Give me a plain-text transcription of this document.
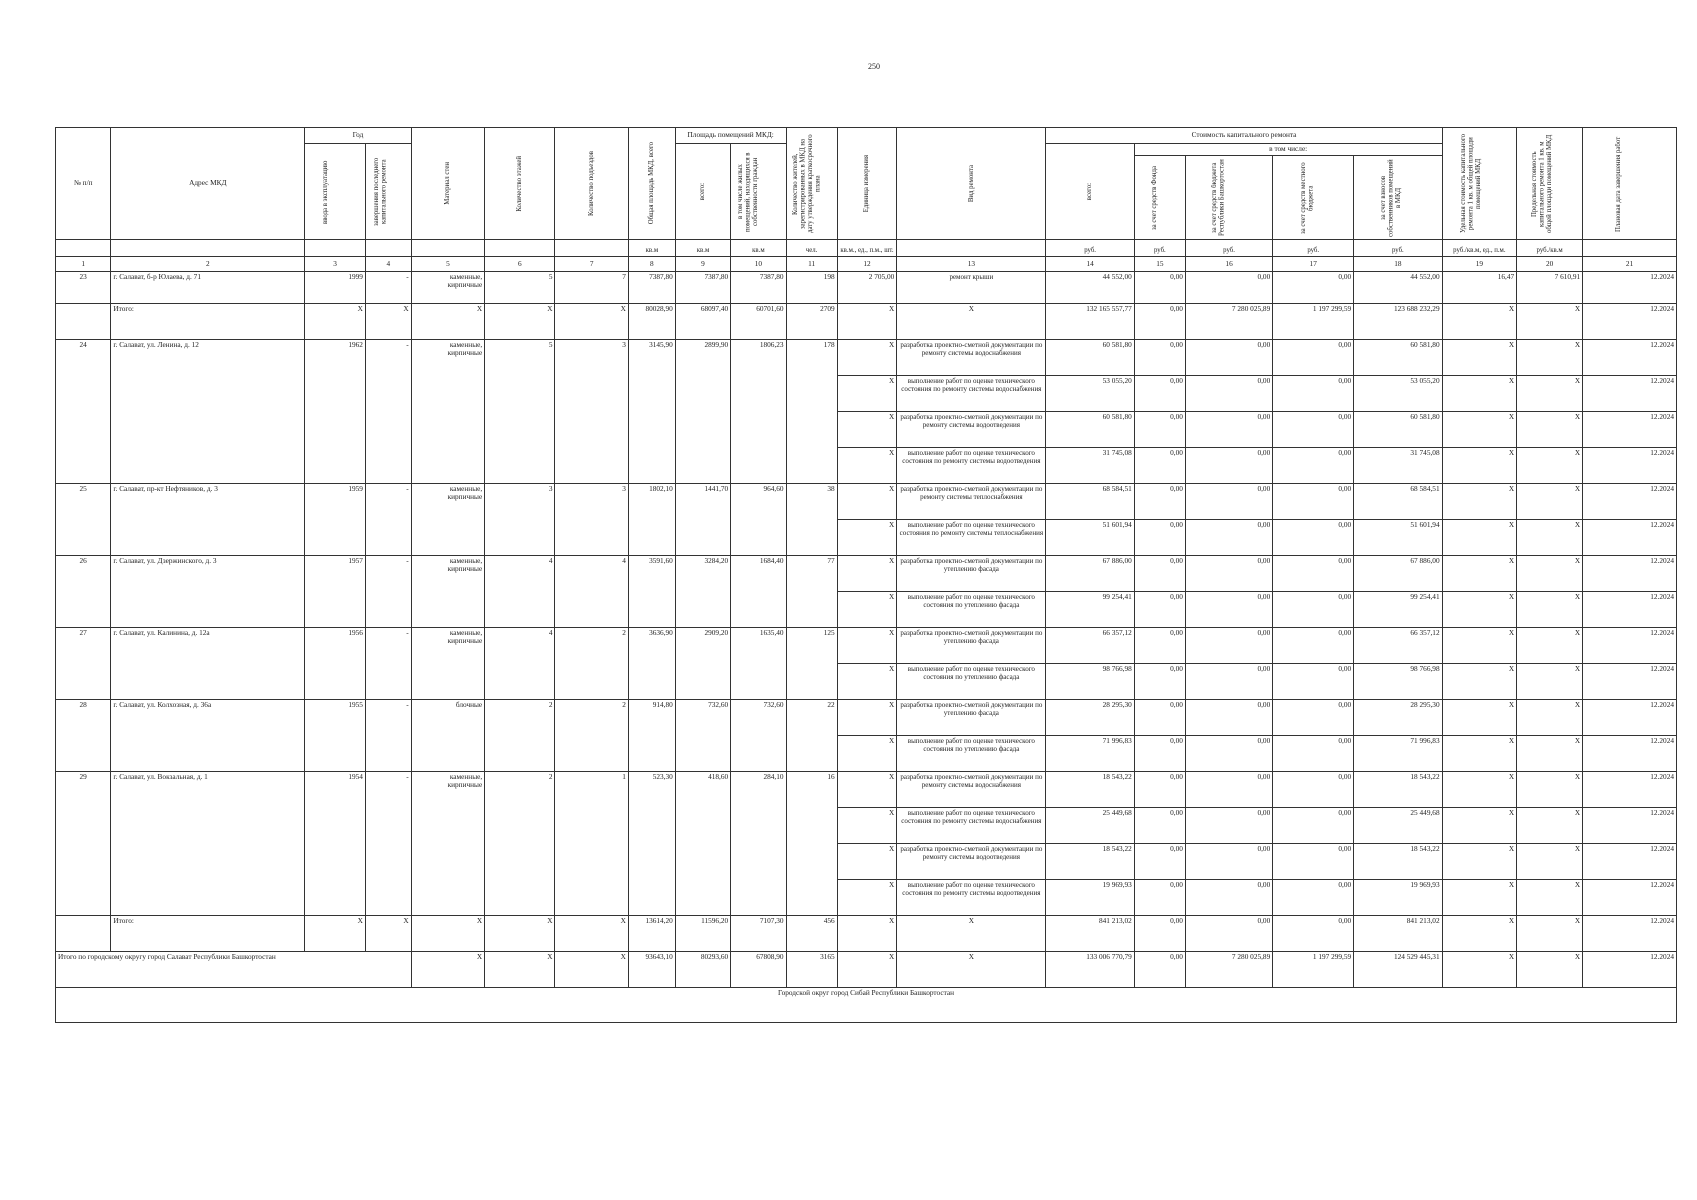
250
№ п/п	Адрес МКД	Год		Материал стен	Количество этажей	Количество подъездов	Общая площадь МКД, всего	Площадь помещений МКД:		Количество жителей, зарегистрированных в МКД на дату утверждения краткосрочного плана	Единица измерения	Вид ремонта	Стоимость капитального ремонта					Удельная стоимость капитального ремонта 1 кв. м общей площади помещений МКД	Предельная стоимость капитального ремонта 1 кв. м общей площади помещений МКД	Плановая дата завершения работ

		ввода в эксплуатацию	завершения последнего капитального ремонта					всего:	в том числе жилых помещений, находящихся в собственности граждан				всего:	в том числе:						

														за счет средств Фонда	за счет средств бюджета Республики Башкортостан	за счет средств местного бюджета	за счет взносов собственников помещений в МКД			

							кв.м	кв.м	кв.м	чел.	кв.м., ед., п.м., шт.		руб.	руб.	руб.	руб.	руб.	руб./кв.м, ед., п.м.	руб./кв.м	
1	2	3	4	5	6	7	8	9	10	11	12	13	14	15	16	17	18	19	20	21
23	г. Салават, б-р Юлаева, д. 71	1999	-	каменные, кирпичные	5	7	7387,80	7387,80	7387,80	198	2 705,00	ремонт крыши	44 552,00	0,00	0,00	0,00	44 552,00	16,47	7 610,91	12.2024
	Итого:	X	X	X	X	X	80028,90	68097,40	60701,60	2709	X	X	132 165 557,77	0,00	7 280 025,89	1 197 299,59	123 688 232,29	X	X	12.2024
24	г. Салават, ул. Ленина, д. 12	1962	-	каменные, кирпичные	5	3	3145,90	2899,90	1806,23	178	X	разработка проектно-сметной документации по ремонту системы водоснабжения	60 581,80	0,00	0,00	0,00	60 581,80	X	X	12.2024
											X	выполнение работ по оценке технического состояния по ремонту системы водоснабжения	53 055,20	0,00	0,00	0,00	53 055,20	X	X	12.2024
											X	разработка проектно-сметной документации по ремонту системы водоотведения	60 581,80	0,00	0,00	0,00	60 581,80	X	X	12.2024
											X	выполнение работ по оценке технического состояния по ремонту системы водоотведения	31 745,08	0,00	0,00	0,00	31 745,08	X	X	12.2024
25	г. Салават, пр-кт Нефтяников, д. 3	1959	-	каменные, кирпичные	3	3	1802,10	1441,70	964,60	38	X	разработка проектно-сметной документации по ремонту системы теплоснабжения	68 584,51	0,00	0,00	0,00	68 584,51	X	X	12.2024
											X	выполнение работ по оценке технического состояния по ремонту системы теплоснабжения	51 601,94	0,00	0,00	0,00	51 601,94	X	X	12.2024
26	г. Салават, ул. Дзержинского, д. 3	1957	-	каменные, кирпичные	4	4	3591,60	3284,20	1684,40	77	X	разработка проектно-сметной документации по утеплению фасада	67 886,00	0,00	0,00	0,00	67 886,00	X	X	12.2024
											X	выполнение работ по оценке технического состояния по утеплению фасада	99 254,41	0,00	0,00	0,00	99 254,41	X	X	12.2024
27	г. Салават, ул. Калинина, д. 12а	1956	-	каменные, кирпичные	4	2	3636,90	2909,20	1635,40	125	X	разработка проектно-сметной документации по утеплению фасада	66 357,12	0,00	0,00	0,00	66 357,12	X	X	12.2024
											X	выполнение работ по оценке технического состояния по утеплению фасада	98 766,98	0,00	0,00	0,00	98 766,98	X	X	12.2024
28	г. Салават, ул. Колхозная, д. 36а	1955	-	блочные	2	2	914,80	732,60	732,60	22	X	разработка проектно-сметной документации по утеплению фасада	28 295,30	0,00	0,00	0,00	28 295,30	X	X	12.2024
											X	выполнение работ по оценке технического состояния по утеплению фасада	71 996,83	0,00	0,00	0,00	71 996,83	X	X	12.2024
29	г. Салават, ул. Вокзальная, д. 1	1954	-	каменные, кирпичные	2	1	523,30	418,60	284,10	16	X	разработка проектно-сметной документации по ремонту системы водоснабжения	18 543,22	0,00	0,00	0,00	18 543,22	X	X	12.2024
											X	выполнение работ по оценке технического состояния по ремонту системы водоснабжения	25 449,68	0,00	0,00	0,00	25 449,68	X	X	12.2024
											X	разработка проектно-сметной документации по ремонту системы водоотведения	18 543,22	0,00	0,00	0,00	18 543,22	X	X	12.2024
											X	выполнение работ по оценке технического состояния по ремонту системы водоотведения	19 969,93	0,00	0,00	0,00	19 969,93	X	X	12.2024
	Итого:	X	X	X	X	X	13614,20	11596,20	7107,30	456	X	X	841 213,02	0,00	0,00	0,00	841 213,02	X	X	12.2024
Итого по городскому округу город Салават Республики Башкортостан				X	X	X	93643,10	80293,60	67808,90	3165	X	X	133 006 770,79	0,00	7 280 025,89	1 197 299,59	124 529 445,31	X	X	12.2024
Городской округ город Сибай Республики Башкортостан																				
